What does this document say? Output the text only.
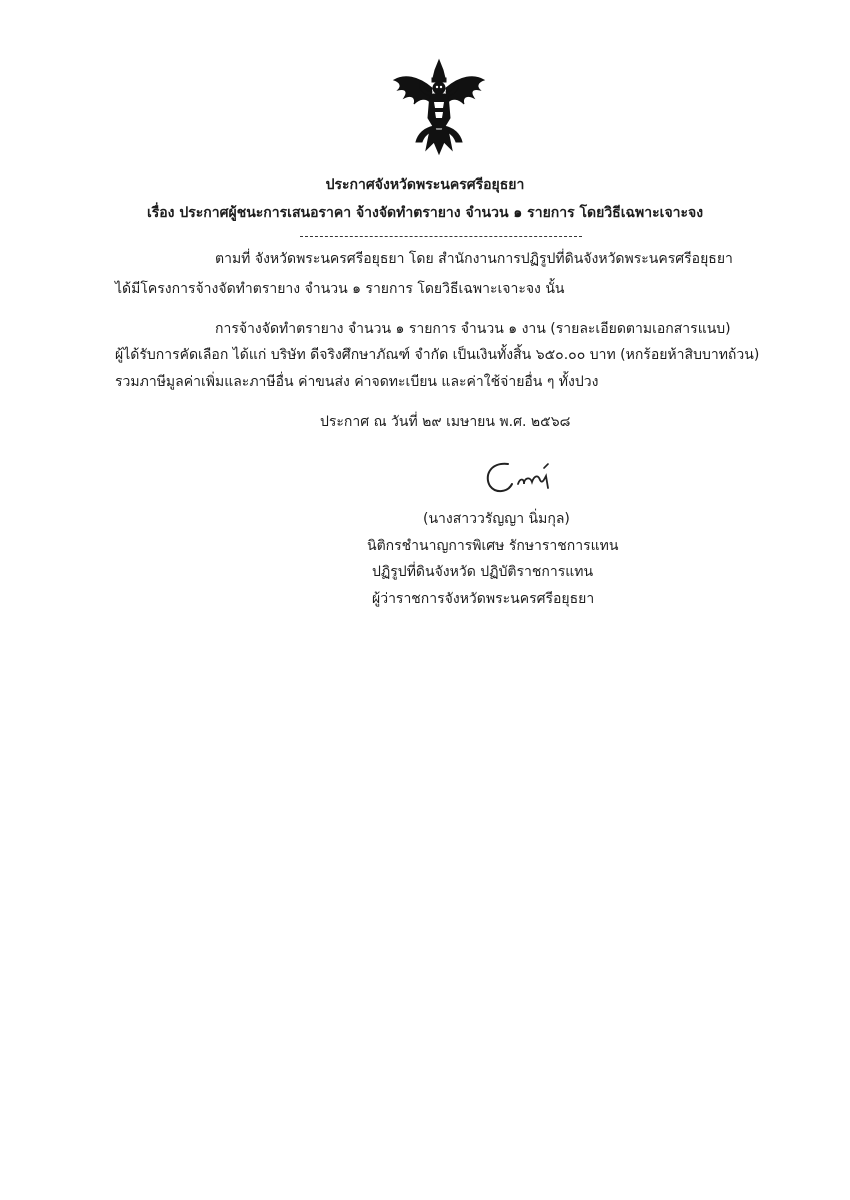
ประกาศจังหวัดพระนครศรีอยุธยา
เรื่อง ประกาศผู้ชนะการเสนอราคา จ้างจัดทำตรายาง จำนวน ๑ รายการ โดยวิธีเฉพาะเจาะจง
ตามที่ จังหวัดพระนครศรีอยุธยา โดย สำนักงานการปฏิรูปที่ดินจังหวัดพระนครศรีอยุธยา
ได้มีโครงการจ้างจัดทำตรายาง จำนวน ๑ รายการ โดยวิธีเฉพาะเจาะจง นั้น
การจ้างจัดทำตรายาง จำนวน ๑ รายการ จำนวน ๑ งาน (รายละเอียดตามเอกสารแนบ)
ผู้ได้รับการคัดเลือก ได้แก่ บริษัท ดีจริงศึกษาภัณฑ์ จำกัด เป็นเงินทั้งสิ้น ๖๕๐.๐๐ บาท (หกร้อยห้าสิบบาทถ้วน)
รวมภาษีมูลค่าเพิ่มและภาษีอื่น ค่าขนส่ง ค่าจดทะเบียน และค่าใช้จ่ายอื่น ๆ ทั้งปวง
ประกาศ ณ วันที่ ๒๙ เมษายน พ.ศ. ๒๕๖๘
(นางสาววรัญญา นิ่มกุล)
นิติกรชำนาญการพิเศษ รักษาราชการแทน
ปฏิรูปที่ดินจังหวัด ปฏิบัติราชการแทน
ผู้ว่าราชการจังหวัดพระนครศรีอยุธยา
